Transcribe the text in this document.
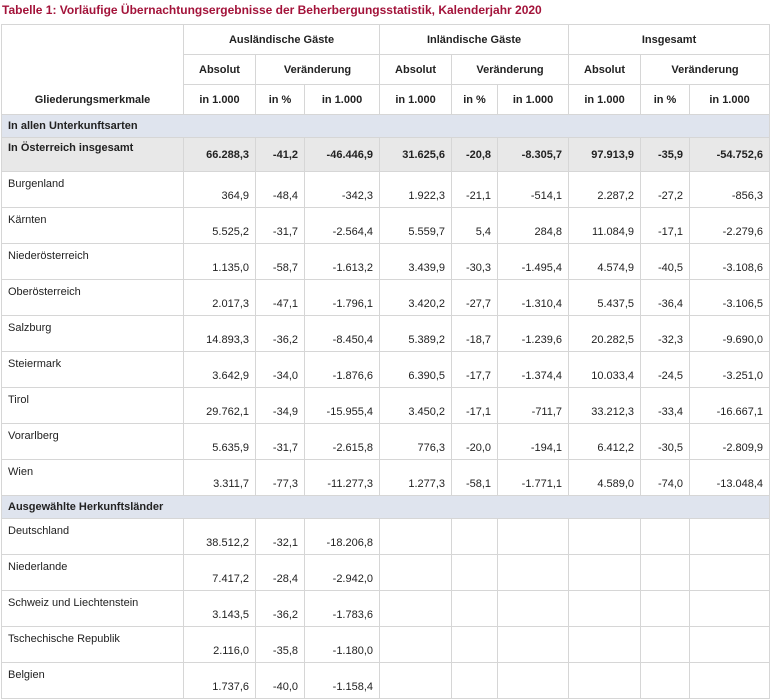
Tabelle 1: Vorläufige Übernachtungsergebnisse der Beherbergungsstatistik, Kalenderjahr 2020
Gliederungsmerkmale	Ausländische Gäste			Inländische Gäste			Insgesamt		
	Absolut	Veränderung		Absolut	Veränderung		Absolut	Veränderung	
	in 1.000	in %	in 1.000	in 1.000	in %	in 1.000	in 1.000	in %	in 1.000
In allen Unterkunftsarten									
In Österreich insgesamt	66.288,3	-41,2	-46.446,9	31.625,6	-20,8	-8.305,7	97.913,9	-35,9	-54.752,6
Burgenland	364,9	-48,4	-342,3	1.922,3	-21,1	-514,1	2.287,2	-27,2	-856,3
Kärnten	5.525,2	-31,7	-2.564,4	5.559,7	5,4	284,8	11.084,9	-17,1	-2.279,6
Niederösterreich	1.135,0	-58,7	-1.613,2	3.439,9	-30,3	-1.495,4	4.574,9	-40,5	-3.108,6
Oberösterreich	2.017,3	-47,1	-1.796,1	3.420,2	-27,7	-1.310,4	5.437,5	-36,4	-3.106,5
Salzburg	14.893,3	-36,2	-8.450,4	5.389,2	-18,7	-1.239,6	20.282,5	-32,3	-9.690,0
Steiermark	3.642,9	-34,0	-1.876,6	6.390,5	-17,7	-1.374,4	10.033,4	-24,5	-3.251,0
Tirol	29.762,1	-34,9	-15.955,4	3.450,2	-17,1	-711,7	33.212,3	-33,4	-16.667,1
Vorarlberg	5.635,9	-31,7	-2.615,8	776,3	-20,0	-194,1	6.412,2	-30,5	-2.809,9
Wien	3.311,7	-77,3	-11.277,3	1.277,3	-58,1	-1.771,1	4.589,0	-74,0	-13.048,4
Ausgewählte Herkunftsländer									
Deutschland	38.512,2	-32,1	-18.206,8						
Niederlande	7.417,2	-28,4	-2.942,0						
Schweiz und Liechtenstein	3.143,5	-36,2	-1.783,6						
Tschechische Republik	2.116,0	-35,8	-1.180,0						
Belgien	1.737,6	-40,0	-1.158,4						
